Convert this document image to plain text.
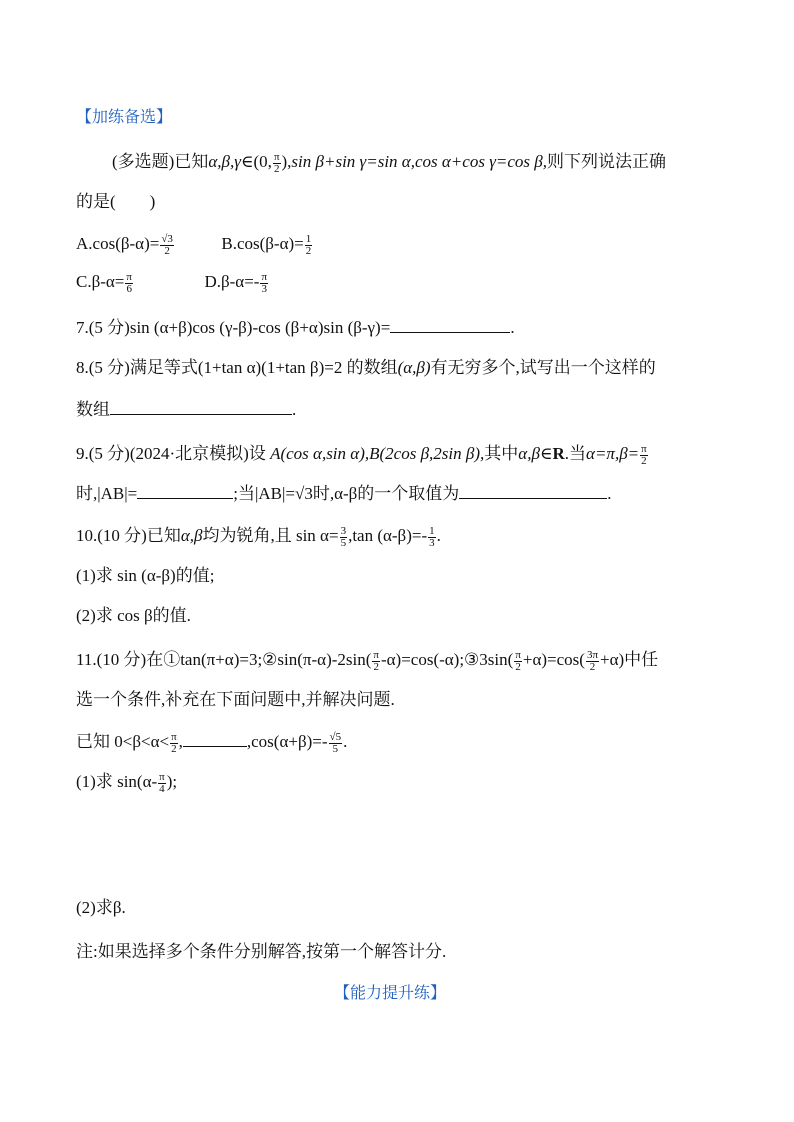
【加练备选】
(多选题)已知α,β,γ∈(0, $\frac{\pi}{2} ),\sin$ β+sin γ=sin α,cos α+cos γ=cos β,则下列说法正确
的是(　　)
$A.\cos(\beta-\alpha)= \frac{√3}{2}$	$B.\cos(\beta-\alpha)= \frac{1}{2}$
$C.\beta-\alpha= \frac{\pi}{6}$	$D.\beta-\alpha=- \frac{\pi}{3}$
7.(5 分)sin (α+β)cos (γ-β)-cos (β+α)sin (β-γ)=	.
8.(5 分)满足等式(1+tan α)(1+tan β)=2 的数组(α,β)有无穷多个,试写出一个这样的
数组	.
9.(5 分)(2024·北京模拟)设 A(cos α,sin α),B(2cos β,2sin β),其中α,β∈R.当$\alpha=\pi,\beta= \frac{\pi}{2}$
时,|AB|=	;当|AB|=√3时,α-β的一个取值为	.
10.(10 分)已知α,β均为锐角,且 $\sin \alpha= \frac{3}{5} ,\tan$ $(\alpha-\beta)=- \frac{1}{3}$ .
(1)求 sin (α-β)的值;
(2)求 cos β的值.
11.(10 分)在①tan(π+α)=3;②sin(π-α)-2sin( $\frac{\pi}{2}$ -α)=cos(-α);③3sin( $\frac{\pi}{2} +\alpha)=\cos( \frac{3\pi}{2} +\alpha)$中任
选一个条件,补充在下面问题中,并解决问题.
已知 $0<\beta<\alpha< \frac{\pi}{2}$ ,	$,\cos(\alpha+\beta)=- \frac{√5}{5}$ .
(1)求 $\sin(\alpha- \frac{\pi}{4}$ );
(2)求β.
注:如果选择多个条件分别解答,按第一个解答计分.
【能力提升练】
